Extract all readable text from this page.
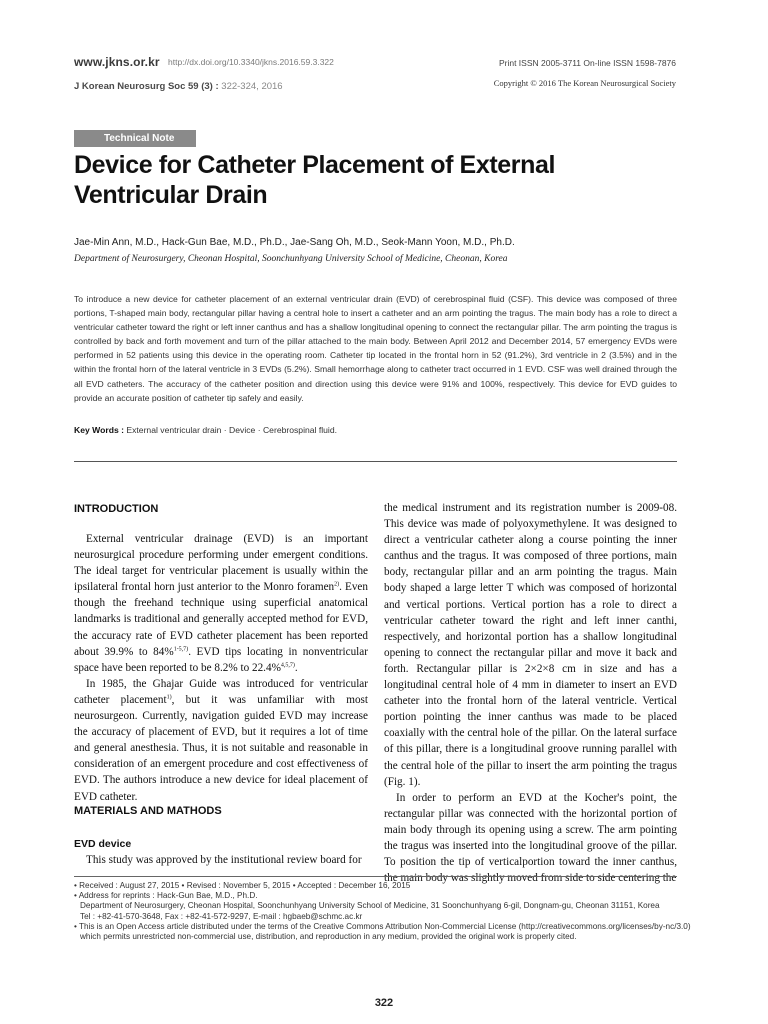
www.jkns.or.kr http://dx.doi.org/10.3340/jkns.2016.59.3.322
J Korean Neurosurg Soc 59 (3) : 322-324, 2016
Print ISSN 2005-3711 On-line ISSN 1598-7876
Copyright © 2016 The Korean Neurosurgical Society
Technical Note
Device for Catheter Placement of External Ventricular Drain
Jae-Min Ann, M.D., Hack-Gun Bae, M.D., Ph.D., Jae-Sang Oh, M.D., Seok-Mann Yoon, M.D., Ph.D.
Department of Neurosurgery, Cheonan Hospital, Soonchunhyang University School of Medicine, Cheonan, Korea
To introduce a new device for catheter placement of an external ventricular drain (EVD) of cerebrospinal fluid (CSF). This device was composed of three portions, T-shaped main body, rectangular pillar having a central hole to insert a catheter and an arm pointing the tragus. The main body has a role to direct a ventricular catheter toward the right or left inner canthus and has a shallow longitudinal opening to connect the rectangular pillar. The arm pointing the tragus is controlled by back and forth movement and turn of the pillar attached to the main body. Between April 2012 and December 2014, 57 emergency EVDs were performed in 52 patients using this device in the operating room. Catheter tip located in the frontal horn in 52 (91.2%), 3rd ventricle in 2 (3.5%) and in the within the frontal horn of the lateral ventricle in 3 EVDs (5.2%). Small hemorrhage along to catheter tract occurred in 1 EVD. CSF was well drained through the all EVD catheters. The accuracy of the catheter position and direction using this device were 91% and 100%, respectively. This device for EVD guides to provide an accurate position of catheter tip safely and easily.
Key Words : External ventricular drain · Device · Cerebrospinal fluid.
INTRODUCTION

External ventricular drainage (EVD) is an important neurosurgical procedure performing under emergent conditions. The ideal target for ventricular placement is usually within the ipsilateral frontal horn just anterior to the Monro foramen$^{2)}$. Even though the freehand technique using superficial anatomical landmarks is traditional and generally accepted method for EVD, the accuracy rate of EVD catheter placement has been reported about 39.9% to 84%$^{1-5,7)}$. EVD tips locating in nonventricular space have been reported to be 8.2% to 22.4%$^{4,5,7)}$.

In 1985, the Ghajar Guide was introduced for ventricular catheter placement$^{1)}$, but it was unfamiliar with most neurosurgeon. Currently, navigation guided EVD may increase the accuracy of placement of EVD, but it requires a lot of time and general anesthesia. Thus, it is not suitable and reasonable in consideration of an emergent procedure and cost effectiveness of EVD. The authors introduce a new device for ideal placement of EVD catheter.

MATERIALS AND MATHODS
EVD device

This study was approved by the institutional review board for

the medical instrument and its registration number is 2009-08. This device was made of polyoxymethylene. It was designed to direct a ventricular catheter along a course pointing the inner canthus and the tragus. It was composed of three portions, main body, rectangular pillar and an arm pointing the tragus. Main body shaped a large letter T which was composed of horizontal and vertical portions. Vertical portion has a role to direct a ventricular catheter toward the right and left inner canthi, respectively, and horizontal portion has a shallow longitudinal opening to connect the rectangular pillar and move it back and forth. Rectangular pillar is 2×2×8 cm in size and has a longitudinal central hole of 4 mm in diameter to insert an EVD catheter into the frontal horn of the lateral ventricle. Vertical portion pointing the inner canthus was made to be placed coaxially with the central hole of the pillar. On the lateral surface of this pillar, there is a longitudinal groove running parallel with the central hole of the pillar to insert the arm pointing the tragus (Fig. 1).

In order to perform an EVD at the Kocher's point, the rectangular pillar was connected with the horizontal portion of main body through its opening using a screw. The arm pointing the tragus was inserted into the longitudinal groove of the pillar. To position the tip of verticalportion toward the inner canthus, the main body was slightly moved from side to side centering the

• Received : August 27, 2015 • Revised : November 5, 2015 • Accepted : December 16, 2015
• Address for reprints : Hack-Gun Bae, M.D., Ph.D.
Department of Neurosurgery, Cheonan Hospital, Soonchunhyang University School of Medicine, 31 Soonchunhyang 6-gil, Dongnam-gu, Cheonan 31151, Korea
Tel : +82-41-570-3648, Fax : +82-41-572-9297, E-mail : hgbaeb@schmc.ac.kr
• This is an Open Access article distributed under the terms of the Creative Commons Attribution Non-Commercial License (http://creativecommons.org/licenses/by-nc/3.0)
which permits unrestricted non-commercial use, distribution, and reproduction in any medium, provided the original work is properly cited.
322
